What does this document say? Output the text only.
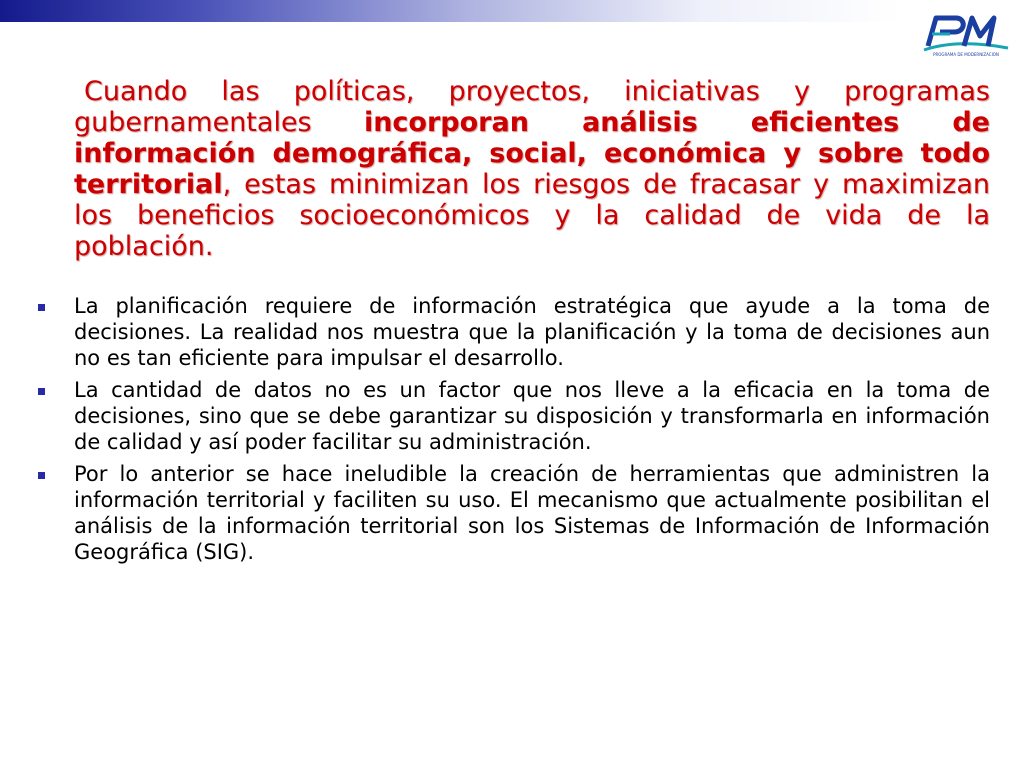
PROGRAMA DE MODERNIZACION

Cuando las políticas, proyectos, iniciativas y programas gubernamentales incorporan análisis eficientes de información demográfica, social, económica y sobre todo territorial, estas minimizan los riesgos de fracasar y maximizan los beneficios socioeconómicos y la calidad de vida de la población.

La planificación requiere de información estratégica que ayude a la toma de decisiones. La realidad nos muestra que la planificación y la toma de decisiones aun no es tan eficiente para impulsar el desarrollo.
La cantidad de datos no es un factor que nos lleve a la eficacia en la toma de decisiones, sino que se debe garantizar su disposición y transformarla en información de calidad y así poder facilitar su administración.
Por lo anterior se hace ineludible la creación de herramientas que administren la información territorial y faciliten su uso. El mecanismo que actualmente posibilitan el análisis de la información territorial son los Sistemas de Información de Información Geográfica (SIG).
